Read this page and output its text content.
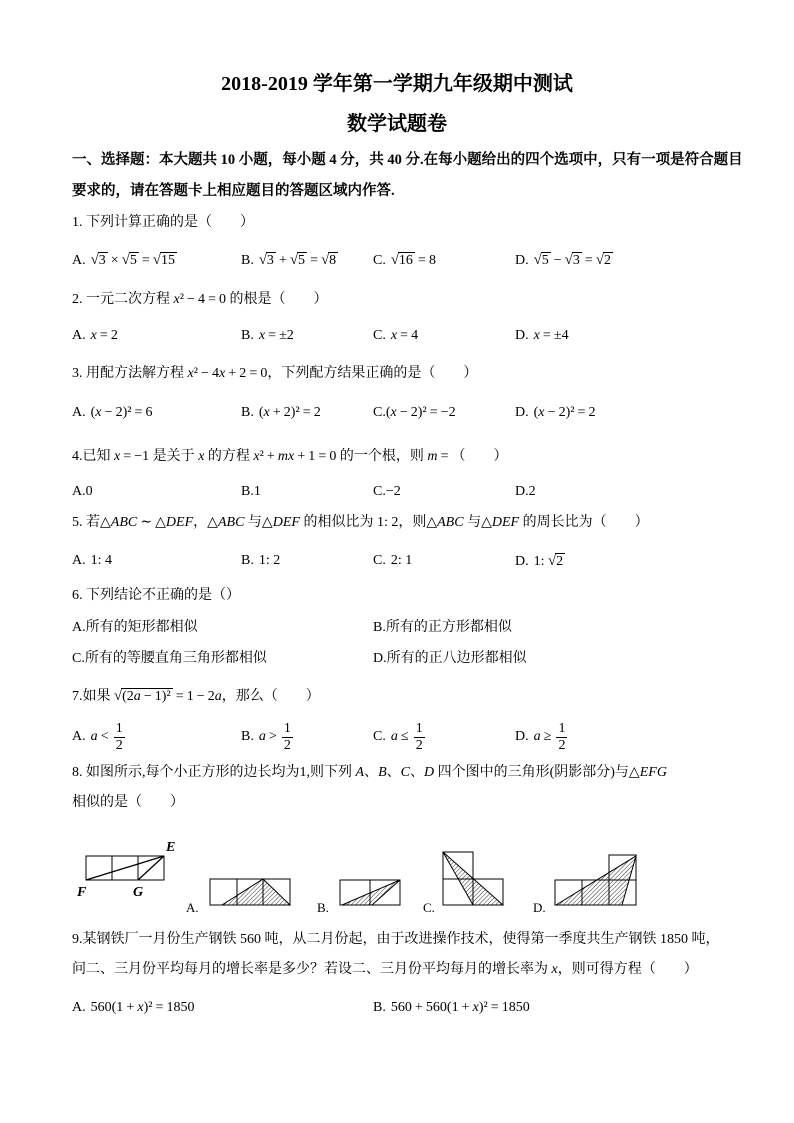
2018-2019 学年第一学期九年级期中测试
数学试题卷
一、选择题：本大题共 10 小题，每小题 4 分，共 40 分.在每小题给出的四个选项中，只有一项是符合题目
要求的，请在答题卡上相应题目的答题区域内作答.
1. 下列计算正确的是（　　）
A. √3 × √5 = √15	B. √3 + √5 = √8	C. √16 = 8	D. √5 − √3 = √2
2. 一元二次方程 x² − 4 = 0 的根是（　　）
A. x = 2	B. x = ±2	C. x = 4	D. x = ±4
3. 用配方法解方程 x² − 4x + 2 = 0，下列配方结果正确的是（　　）
A. (x − 2)² = 6	B. (x + 2)² = 2	C.(x − 2)² = −2	D. (x − 2)² = 2
4.已知 x = −1 是关于 x 的方程 x² + mx + 1 = 0 的一个根，则 m = （　　）
A.0	B.1	C.−2	D.2
5. 若△ABC ∼ △DEF，△ABC 与△DEF 的相似比为 1: 2，则△ABC 与△DEF 的周长比为（　　）
A. 1: 4	B. 1: 2	C. 2: 1	D. 1: √2
6. 下列结论不正确的是（）
A.所有的矩形都相似	B.所有的正方形都相似
C.所有的等腰直角三角形都相似	D.所有的正八边形都相似
7.如果 √(2a − 1)² = 1 − 2a，那么（　　）
A. $a < \frac{1}{2}$	B. $a > \frac{1}{2}$	C. $a \le \frac{1}{2}$	D. $a \ge \frac{1}{2}$
8. 如图所示,每个小正方形的边长均为1,则下列 A、B、C、D 四个图中的三角形(阴影部分)与△EFG
相似的是（　　）
E
F	G
A.	B.	C.	D.
9.某钢铁厂一月份生产钢铁 560 吨，从二月份起，由于改进操作技术，使得第一季度共生产钢铁 1850 吨，
问二、三月份平均每月的增长率是多少？若设二、三月份平均每月的增长率为 x，则可得方程（　　）
A. 560(1 + x)² = 1850	B. 560 + 560(1 + x)² = 1850
